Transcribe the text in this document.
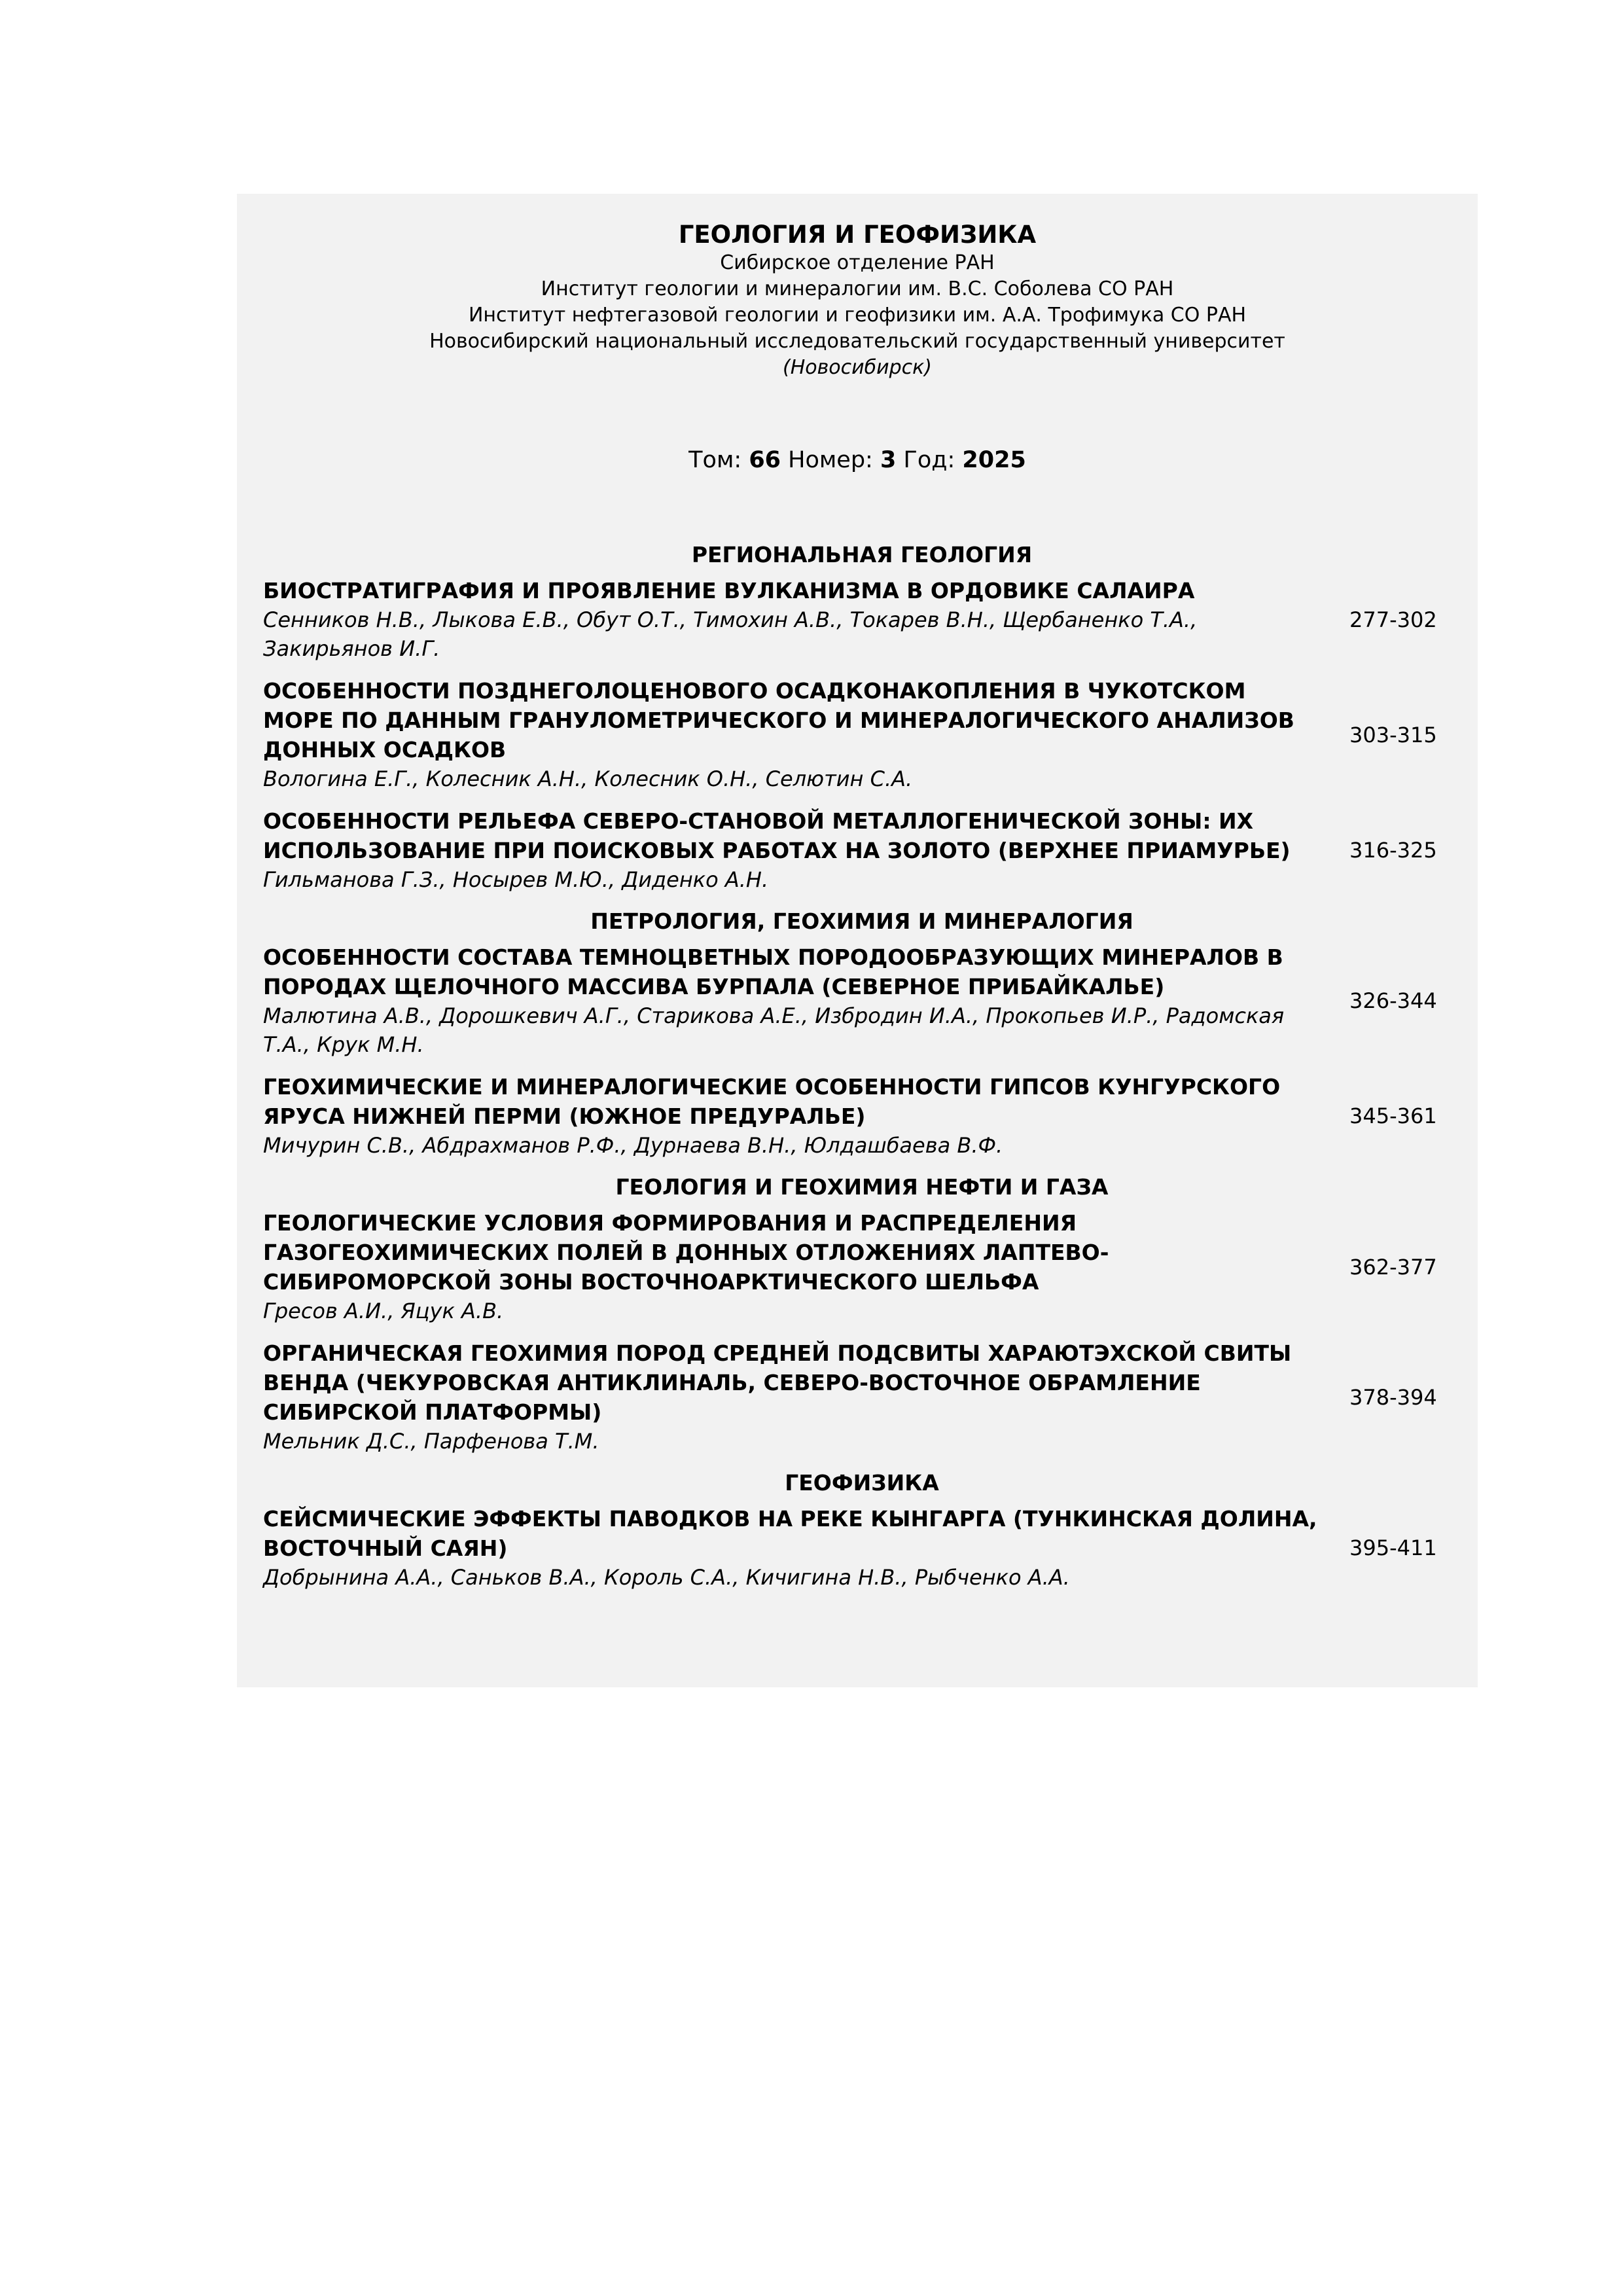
ГЕОЛОГИЯ И ГЕОФИЗИКА
Сибирское отделение РАН
Институт геологии и минералогии им. В.С. Соболева СО РАН
Институт нефтегазовой геологии и геофизики им. А.А. Трофимука СО РАН
Новосибирский национальный исследовательский государственный университет
(Новосибирск)
Том: 66 Номер: 3 Год: 2025
РЕГИОНАЛЬНАЯ ГЕОЛОГИЯ
БИОСТРАТИГРАФИЯ И ПРОЯВЛЕНИЕ ВУЛКАНИЗМА В ОРДОВИКЕ САЛАИРА
Сенников Н.В., Лыкова Е.В., Обут О.Т., Тимохин А.В., Токарев В.Н., Щербаненко Т.А., Закирьянов И.Г.
277-302
ОСОБЕННОСТИ ПОЗДНЕГОЛОЦЕНОВОГО ОСАДКОНАКОПЛЕНИЯ В ЧУКОТСКОМ МОРЕ ПО ДАННЫМ ГРАНУЛОМЕТРИЧЕСКОГО И МИНЕРАЛОГИЧЕСКОГО АНАЛИЗОВ ДОННЫХ ОСАДКОВ
Вологина Е.Г., Колесник А.Н., Колесник О.Н., Селютин С.А.
303-315
ОСОБЕННОСТИ РЕЛЬЕФА СЕВЕРО-СТАНОВОЙ МЕТАЛЛОГЕНИЧЕСКОЙ ЗОНЫ: ИХ ИСПОЛЬЗОВАНИЕ ПРИ ПОИСКОВЫХ РАБОТАХ НА ЗОЛОТО (ВЕРХНЕЕ ПРИАМУРЬЕ)
Гильманова Г.З., Носырев М.Ю., Диденко А.Н.
316-325
ПЕТРОЛОГИЯ, ГЕОХИМИЯ И МИНЕРАЛОГИЯ
ОСОБЕННОСТИ СОСТАВА ТЕМНОЦВЕТНЫХ ПОРОДООБРАЗУЮЩИХ МИНЕРАЛОВ В ПОРОДАХ ЩЕЛОЧНОГО МАССИВА БУРПАЛА (СЕВЕРНОЕ ПРИБАЙКАЛЬЕ)
Малютина А.В., Дорошкевич А.Г., Старикова А.Е., Избродин И.А., Прокопьев И.Р., Радомская Т.А., Крук М.Н.
326-344
ГЕОХИМИЧЕСКИЕ И МИНЕРАЛОГИЧЕСКИЕ ОСОБЕННОСТИ ГИПСОВ КУНГУРСКОГО ЯРУСА НИЖНЕЙ ПЕРМИ (ЮЖНОЕ ПРЕДУРАЛЬЕ)
Мичурин С.В., Абдрахманов Р.Ф., Дурнаева В.Н., Юлдашбаева В.Ф.
345-361
ГЕОЛОГИЯ И ГЕОХИМИЯ НЕФТИ И ГАЗА
ГЕОЛОГИЧЕСКИЕ УСЛОВИЯ ФОРМИРОВАНИЯ И РАСПРЕДЕЛЕНИЯ ГАЗОГЕОХИМИЧЕСКИХ ПОЛЕЙ В ДОННЫХ ОТЛОЖЕНИЯХ ЛАПТЕВО-СИБИРОМОРСКОЙ ЗОНЫ ВОСТОЧНОАРКТИЧЕСКОГО ШЕЛЬФА
Гресов А.И., Яцук А.В.
362-377
ОРГАНИЧЕСКАЯ ГЕОХИМИЯ ПОРОД СРЕДНЕЙ ПОДСВИТЫ ХАРАЮТЭХСКОЙ СВИТЫ ВЕНДА (ЧЕКУРОВСКАЯ АНТИКЛИНАЛЬ, СЕВЕРО-ВОСТОЧНОЕ ОБРАМЛЕНИЕ СИБИРСКОЙ ПЛАТФОРМЫ)
Мельник Д.С., Парфенова Т.М.
378-394
ГЕОФИЗИКА
СЕЙСМИЧЕСКИЕ ЭФФЕКТЫ ПАВОДКОВ НА РЕКЕ КЫНГАРГА (ТУНКИНСКАЯ ДОЛИНА, ВОСТОЧНЫЙ САЯН)
Добрынина А.А., Саньков В.А., Король С.А., Кичигина Н.В., Рыбченко А.А.
395-411
